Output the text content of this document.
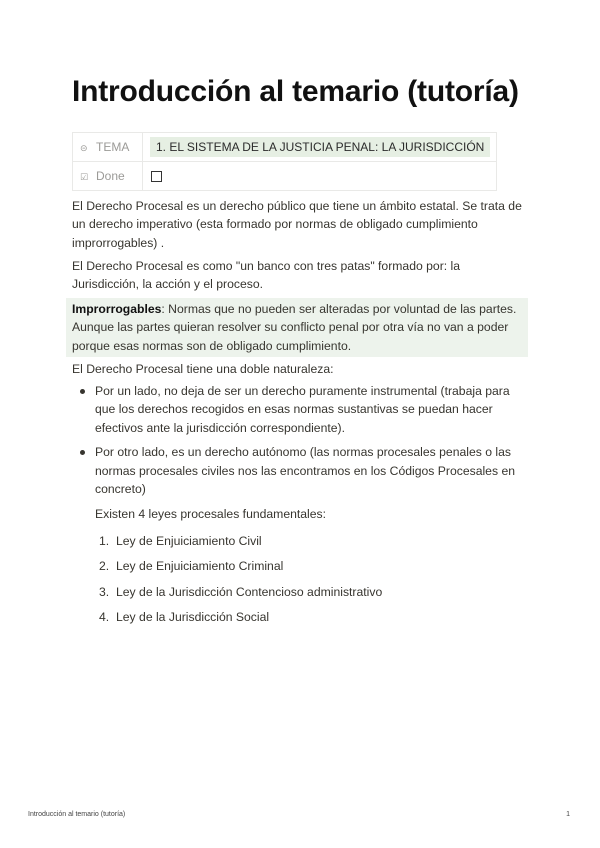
Introducción al temario (tutoría)
⊝ TEMA	1. EL SISTEMA DE LA JUSTICIA PENAL: LA JURISDICCIÓN
☑ Done	

El Derecho Procesal es un derecho público que tiene un ámbito estatal. Se trata de un derecho imperativo (esta formado por normas de obligado cumplimiento improrrogables) .

El Derecho Procesal es como "un banco con tres patas" formado por: la Jurisdicción, la acción y el proceso.

Improrrogables: Normas que no pueden ser alteradas por voluntad de las partes. Aunque las partes quieran resolver su conflicto penal por otra vía no van a poder porque esas normas son de obligado cumplimiento.

El Derecho Procesal tiene una doble naturaleza:

Por un lado, no deja de ser un derecho puramente instrumental (trabaja para que los derechos recogidos en esas normas sustantivas se puedan hacer efectivos ante la jurisdicción correspondiente).
Por otro lado, es un derecho autónomo (las normas procesales penales o las normas procesales civiles nos las encontramos en los Códigos Procesales en concreto)
Existen 4 leyes procesales fundamentales:
1. Ley de Enjuiciamiento Civil
2. Ley de Enjuiciamiento Criminal
3. Ley de la Jurisdicción Contencioso administrativo
4. Ley de la Jurisdicción Social
Introducción al temario (tutoría)	1
